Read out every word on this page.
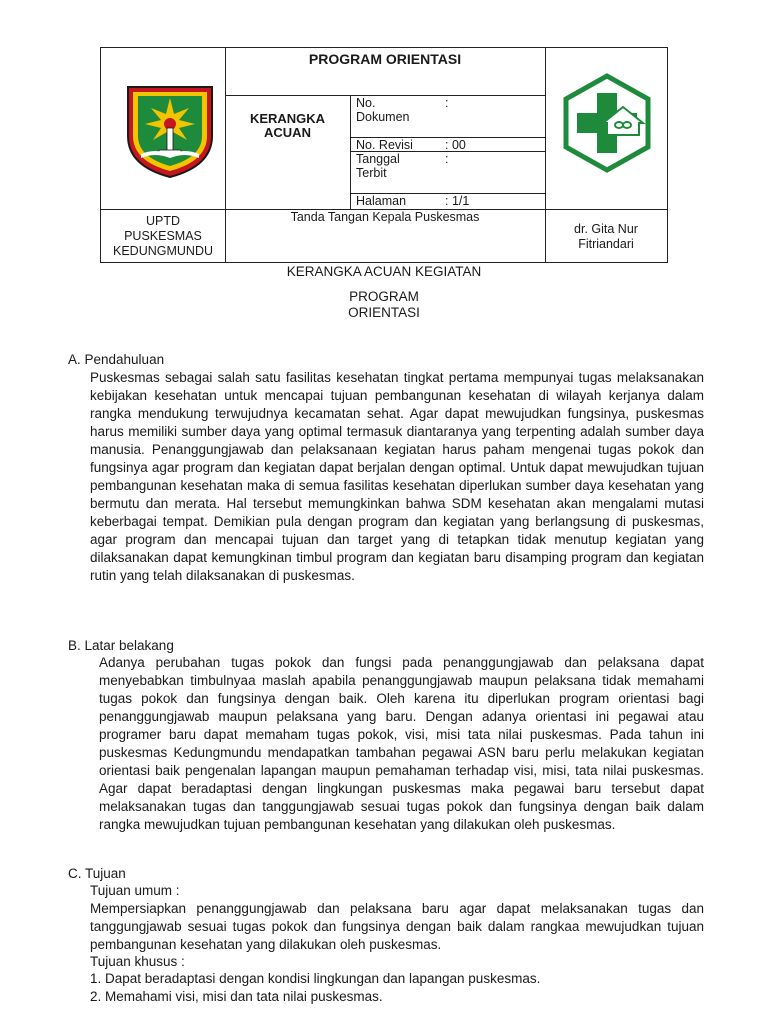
PROGRAM ORIENTASI
KERANGKA
ACUAN
No.
Dokumen
:
No. Revisi	: 00
Tanggal
Terbit
:
Halaman	: 1/1
UPTD
PUSKESMAS
KEDUNGMUNDU
Tanda Tangan Kepala Puskesmas
dr. Gita Nur
Fitriandari
KERANGKA ACUAN KEGIATAN
PROGRAM
ORIENTASI
A. Pendahuluan
Puskesmas sebagai salah satu fasilitas kesehatan tingkat pertama mempunyai tugas melaksanakan kebijakan kesehatan untuk mencapai tujuan pembangunan kesehatan di wilayah kerjanya dalam rangka mendukung terwujudnya kecamatan sehat. Agar dapat mewujudkan fungsinya, puskesmas harus memiliki sumber daya yang optimal termasuk diantaranya yang terpenting adalah sumber daya manusia. Penanggungjawab dan pelaksanaan kegiatan harus paham mengenai tugas pokok dan fungsinya agar program dan kegiatan dapat berjalan dengan optimal. Untuk dapat mewujudkan tujuan pembangunan kesehatan maka di semua fasilitas kesehatan diperlukan sumber daya kesehatan yang bermutu dan merata. Hal tersebut memungkinkan bahwa SDM kesehatan akan mengalami mutasi keberbagai tempat. Demikian pula dengan program dan kegiatan yang berlangsung di puskesmas, agar program dan mencapai tujuan dan target yang di tetapkan tidak menutup kegiatan yang dilaksanakan dapat kemungkinan timbul program dan kegiatan baru disamping program dan kegiatan rutin yang telah dilaksanakan di puskesmas.
B. Latar belakang
Adanya perubahan tugas pokok dan fungsi pada penanggungjawab dan pelaksana dapat menyebabkan timbulnyaa maslah apabila penanggungjawab maupun pelaksana tidak memahami tugas pokok dan fungsinya dengan baik. Oleh karena itu diperlukan program orientasi bagi penanggungjawab maupun pelaksana yang baru. Dengan adanya orientasi ini pegawai atau programer baru dapat memaham tugas pokok, visi, misi tata nilai puskesmas. Pada tahun ini puskesmas Kedungmundu mendapatkan tambahan pegawai ASN baru perlu melakukan kegiatan orientasi baik pengenalan lapangan maupun pemahaman terhadap visi, misi, tata nilai puskesmas. Agar dapat beradaptasi dengan lingkungan puskesmas maka pegawai baru tersebut dapat melaksanakan tugas dan tanggungjawab sesuai tugas pokok dan fungsinya dengan baik dalam rangka mewujudkan tujuan pembangunan kesehatan yang dilakukan oleh puskesmas.
C. Tujuan
Tujuan umum :
Mempersiapkan penanggungjawab dan pelaksana baru agar dapat melaksanakan tugas dan tanggungjawab sesuai tugas pokok dan fungsinya dengan baik dalam rangkaa mewujudkan tujuan pembangunan kesehatan yang dilakukan oleh puskesmas.
Tujuan khusus :
1. Dapat beradaptasi dengan kondisi lingkungan dan lapangan puskesmas.
2. Memahami visi, misi dan tata nilai puskesmas.
